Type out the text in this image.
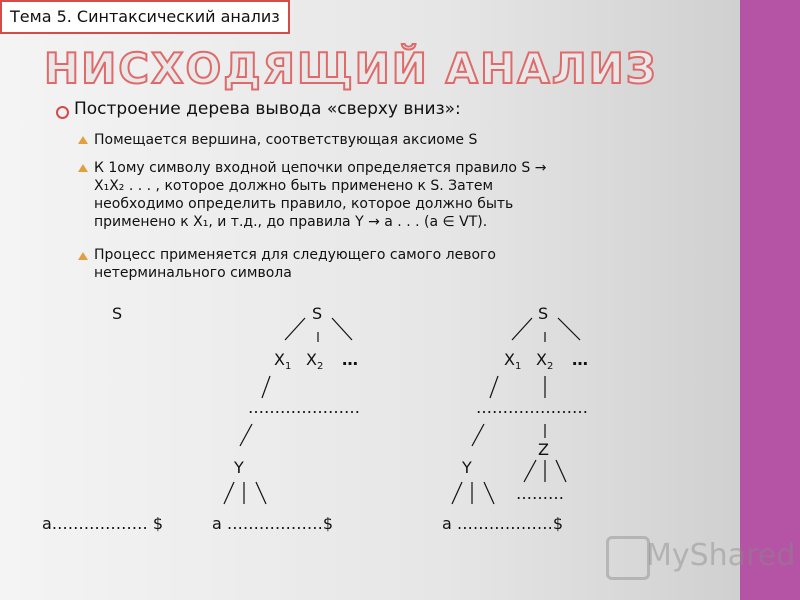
Тема 5. Синтаксический анализ
НИСХОДЯЩИЙ АНАЛИЗ
Построение дерева вывода «сверху вниз»:
Помещается вершина, соответствующая аксиоме S
К 1ому символу входной цепочки определяется правило S →
X₁X₂ . . . , которое должно быть применено к S. Затем
необходимо определить правило, которое должно быть
применено к X₁, и т.д., до правила Y → a . . . (a ∈ VT).
Процесс применяется для следующего самого левого
нетерминального символа
S
a……………… $
S
$X_1$ $X_2$ …
…………………
Y
a ………………$
S
$X_1$ $X_2$ …
…………………
Z
………
Y
a ………………$
MyShared
